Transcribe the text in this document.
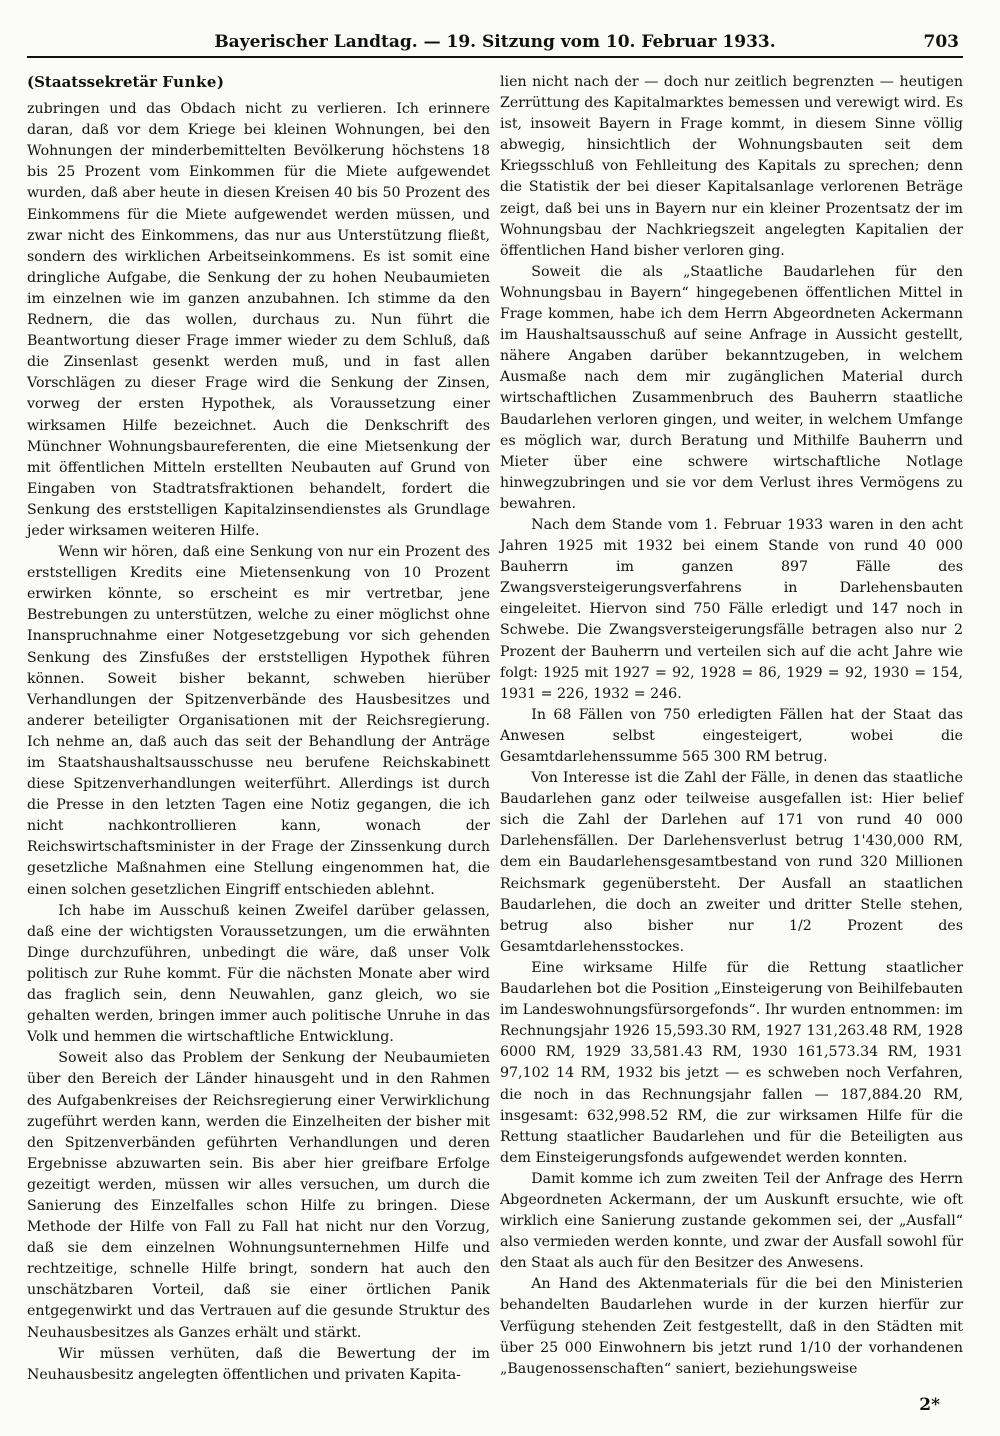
Bayerischer Landtag. — 19. Sitzung vom 10. Februar 1933.	703
(Staatssekretär Funke)

zubringen und das Obdach nicht zu verlieren. Ich erinnere daran, daß vor dem Kriege bei kleinen Wohnungen, bei den Wohnungen der minderbemittelten Bevölkerung höchstens 18 bis 25 Prozent vom Einkommen für die Miete aufgewendet wurden, daß aber heute in diesen Kreisen 40 bis 50 Prozent des Einkommens für die Miete aufgewendet werden müssen, und zwar nicht des Einkommens, das nur aus Unterstützung fließt, sondern des wirklichen Arbeitseinkommens. Es ist somit eine dringliche Aufgabe, die Senkung der zu hohen Neubaumieten im einzelnen wie im ganzen anzubahnen. Ich stimme da den Rednern, die das wollen, durchaus zu. Nun führt die Beantwortung dieser Frage immer wieder zu dem Schluß, daß die Zinsenlast gesenkt werden muß, und in fast allen Vorschlägen zu dieser Frage wird die Senkung der Zinsen, vorweg der ersten Hypothek, als Voraussetzung einer wirksamen Hilfe bezeichnet. Auch die Denkschrift des Münchner Wohnungsbaureferenten, die eine Mietsenkung der mit öffentlichen Mitteln erstellten Neubauten auf Grund von Eingaben von Stadtratsfraktionen behandelt, fordert die Senkung des erststelligen Kapitalzinsendienstes als Grundlage jeder wirksamen weiteren Hilfe.

Wenn wir hören, daß eine Senkung von nur ein Prozent des erststelligen Kredits eine Mietensenkung von 10 Prozent erwirken könnte, so erscheint es mir vertretbar, jene Bestrebungen zu unterstützen, welche zu einer möglichst ohne Inanspruchnahme einer Notgesetzgebung vor sich gehenden Senkung des Zinsfußes der erststelligen Hypothek führen können. Soweit bisher bekannt, schweben hierüber Verhandlungen der Spitzenverbände des Hausbesitzes und anderer beteiligter Organisationen mit der Reichsregierung. Ich nehme an, daß auch das seit der Behandlung der Anträge im Staatshaushaltsausschusse neu berufene Reichskabinett diese Spitzenverhandlungen weiterführt. Allerdings ist durch die Presse in den letzten Tagen eine Notiz gegangen, die ich nicht nachkontrollieren kann, wonach der Reichswirtschaftsminister in der Frage der Zinssenkung durch gesetzliche Maßnahmen eine Stellung eingenommen hat, die einen solchen gesetzlichen Eingriff entschieden ablehnt.

Ich habe im Ausschuß keinen Zweifel darüber gelassen, daß eine der wichtigsten Voraussetzungen, um die erwähnten Dinge durchzuführen, unbedingt die wäre, daß unser Volk politisch zur Ruhe kommt. Für die nächsten Monate aber wird das fraglich sein, denn Neuwahlen, ganz gleich, wo sie gehalten werden, bringen immer auch politische Unruhe in das Volk und hemmen die wirtschaftliche Entwicklung.

Soweit also das Problem der Senkung der Neubaumieten über den Bereich der Länder hinausgeht und in den Rahmen des Aufgabenkreises der Reichsregierung einer Verwirklichung zugeführt werden kann, werden die Einzelheiten der bisher mit den Spitzenverbänden geführten Verhandlungen und deren Ergebnisse abzuwarten sein. Bis aber hier greifbare Erfolge gezeitigt werden, müssen wir alles versuchen, um durch die Sanierung des Einzelfalles schon Hilfe zu bringen. Diese Methode der Hilfe von Fall zu Fall hat nicht nur den Vorzug, daß sie dem einzelnen Wohnungsunternehmen Hilfe und rechtzeitige, schnelle Hilfe bringt, sondern hat auch den unschätzbaren Vorteil, daß sie einer örtlichen Panik entgegenwirkt und das Vertrauen auf die gesunde Struktur des Neuhausbesitzes als Ganzes erhält und stärkt.

Wir müssen verhüten, daß die Bewertung der im Neuhausbesitz angelegten öffentlichen und privaten Kapita-

lien nicht nach der — doch nur zeitlich begrenzten — heutigen Zerrüttung des Kapitalmarktes bemessen und verewigt wird. Es ist, insoweit Bayern in Frage kommt, in diesem Sinne völlig abwegig, hinsichtlich der Wohnungsbauten seit dem Kriegsschluß von Fehlleitung des Kapitals zu sprechen; denn die Statistik der bei dieser Kapitalsanlage verlorenen Beträge zeigt, daß bei uns in Bayern nur ein kleiner Prozentsatz der im Wohnungsbau der Nachkriegszeit angelegten Kapitalien der öffentlichen Hand bisher verloren ging.

Soweit die als „Staatliche Baudarlehen für den Wohnungsbau in Bayern“ hingegebenen öffentlichen Mittel in Frage kommen, habe ich dem Herrn Abgeordneten Ackermann im Haushaltsausschuß auf seine Anfrage in Aussicht gestellt, nähere Angaben darüber bekanntzugeben, in welchem Ausmaße nach dem mir zugänglichen Material durch wirtschaftlichen Zusammenbruch des Bauherrn staatliche Baudarlehen verloren gingen, und weiter, in welchem Umfange es möglich war, durch Beratung und Mithilfe Bauherrn und Mieter über eine schwere wirtschaftliche Notlage hinwegzubringen und sie vor dem Verlust ihres Vermögens zu bewahren.

Nach dem Stande vom 1. Februar 1933 waren in den acht Jahren 1925 mit 1932 bei einem Stande von rund 40 000 Bauherrn im ganzen 897 Fälle des Zwangsversteigerungsverfahrens in Darlehensbauten eingeleitet. Hiervon sind 750 Fälle erledigt und 147 noch in Schwebe. Die Zwangsversteigerungsfälle betragen also nur 2 Prozent der Bauherrn und verteilen sich auf die acht Jahre wie folgt: 1925 mit 1927 = 92, 1928 = 86, 1929 = 92, 1930 = 154, 1931 = 226, 1932 = 246.

In 68 Fällen von 750 erledigten Fällen hat der Staat das Anwesen selbst eingesteigert, wobei die Gesamtdarlehenssumme 565 300 RM betrug.

Von Interesse ist die Zahl der Fälle, in denen das staatliche Baudarlehen ganz oder teilweise ausgefallen ist: Hier belief sich die Zahl der Darlehen auf 171 von rund 40 000 Darlehensfällen. Der Darlehensverlust betrug 1'430,000 RM, dem ein Baudarlehensgesamtbestand von rund 320 Millionen Reichsmark gegenübersteht. Der Ausfall an staatlichen Baudarlehen, die doch an zweiter und dritter Stelle stehen, betrug also bisher nur 1/2 Prozent des Gesamtdarlehensstockes.

Eine wirksame Hilfe für die Rettung staatlicher Baudarlehen bot die Position „Einsteigerung von Beihilfebauten im Landeswohnungsfürsorgefonds“. Ihr wurden entnommen: im Rechnungsjahr 1926 15,593.30 RM, 1927 131,263.48 RM, 1928 6000 RM, 1929 33,581.43 RM, 1930 161,573.34 RM, 1931 97,102 14 RM, 1932 bis jetzt — es schweben noch Verfahren, die noch in das Rechnungsjahr fallen — 187,884.20 RM, insgesamt: 632,998.52 RM, die zur wirksamen Hilfe für die Rettung staatlicher Baudarlehen und für die Beteiligten aus dem Einsteigerungsfonds aufgewendet werden konnten.

Damit komme ich zum zweiten Teil der Anfrage des Herrn Abgeordneten Ackermann, der um Auskunft ersuchte, wie oft wirklich eine Sanierung zustande gekommen sei, der „Ausfall“ also vermieden werden konnte, und zwar der Ausfall sowohl für den Staat als auch für den Besitzer des Anwesens.

An Hand des Aktenmaterials für die bei den Ministerien behandelten Baudarlehen wurde in der kurzen hierfür zur Verfügung stehenden Zeit festgestellt, daß in den Städten mit über 25 000 Einwohnern bis jetzt rund 1/10 der vorhandenen „Baugenossenschaften“ saniert, beziehungsweise

2*
